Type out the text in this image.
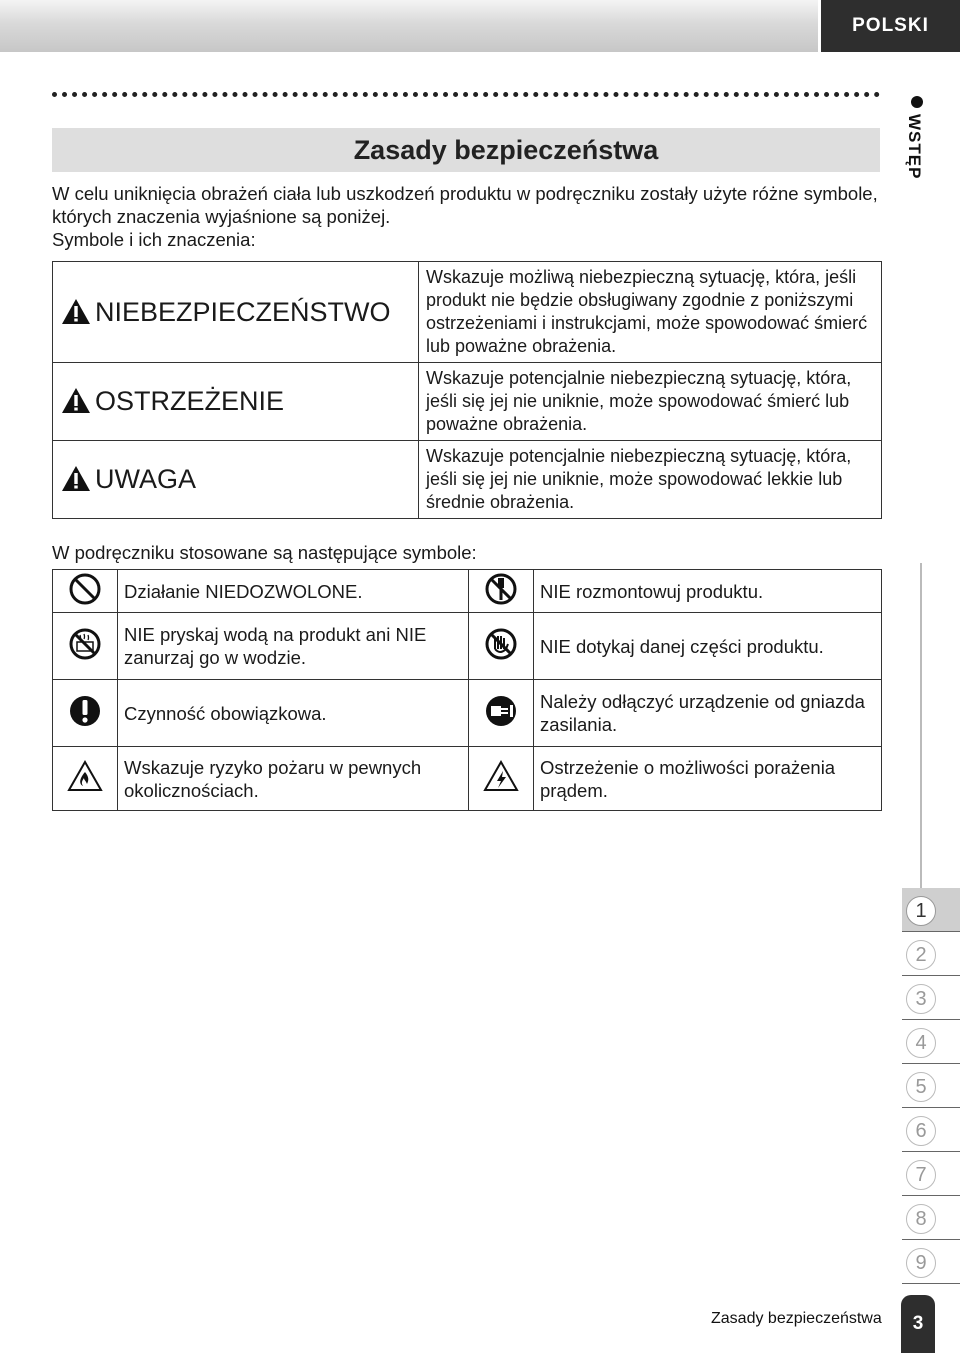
POLSKI
WSTĘP
Zasady bezpieczeństwa

W celu uniknięcia obrażeń ciała lub uszkodzeń produktu w podręczniku zostały użyte różne symbole, których znaczenia wyjaśnione są poniżej.

Symbole i ich znaczenia:

NIEBEZPIECZEŃSTWO	Wskazuje możliwą niebezpieczną sytuację, która, jeśli produkt nie będzie obsługiwany zgodnie z poniższymi ostrzeżeniami i instrukcjami, może spowodować śmierć lub poważne obrażenia.
OSTRZEŻENIE	Wskazuje potencjalnie niebezpieczną sytuację, która, jeśli się jej nie uniknie, może spowodować śmierć lub poważne obrażenia.
UWAGA	Wskazuje potencjalnie niebezpieczną sytuację, która, jeśli się jej nie uniknie, może spowodować lekkie lub średnie obrażenia.
W podręczniku stosowane są następujące symbole:
	Działanie NIEDOZWOLONE.		NIE rozmontowuj produktu.
	NIE pryskaj wodą na produkt ani NIE zanurzaj go w wodzie.		NIE dotykaj danej części produktu.
	Czynność obowiązkowa.		Należy odłączyć urządzenie od gniazda zasilania.
	Wskazuje ryzyko pożaru w pewnych okolicznościach.		Ostrzeżenie o możliwości porażenia prądem.
1
2
3
4
5
6
7
8
9
Zasady bezpieczeństwa	3
